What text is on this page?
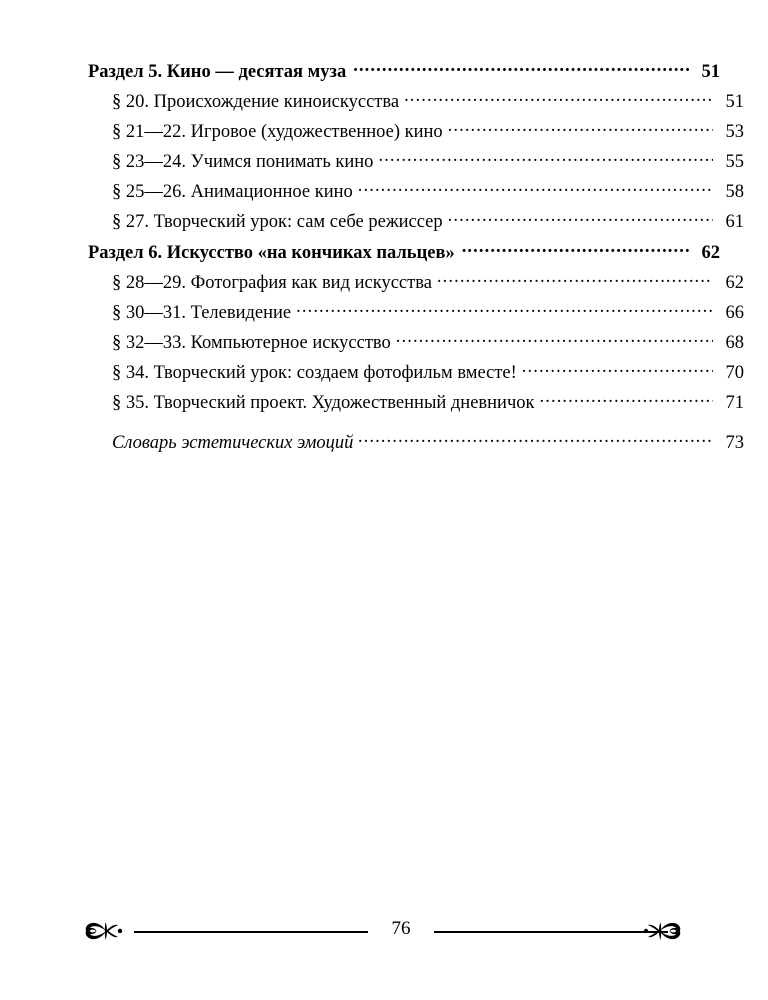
Раздел 5. Кино — десятая муза .....	51
§ 20. Происхождение киноискусства .....	51
§ 21—22. Игровое (художественное) кино .....	53
§ 23—24. Учимся понимать кино .....	55
§ 25—26. Анимационное кино .....	58
§ 27. Творческий урок: сам себе режиссер .....	61
Раздел 6. Искусство «на кончиках пальцев» .....	62
§ 28—29. Фотография как вид искусства .....	62
§ 30—31. Телевидение .....	66
§ 32—33. Компьютерное искусство .....	68
§ 34. Творческий урок: создаем фотофильм вместе! .....	70
§ 35. Творческий проект. Художественный дневничок .....	71
Словарь эстетических эмоций .....	73
76
